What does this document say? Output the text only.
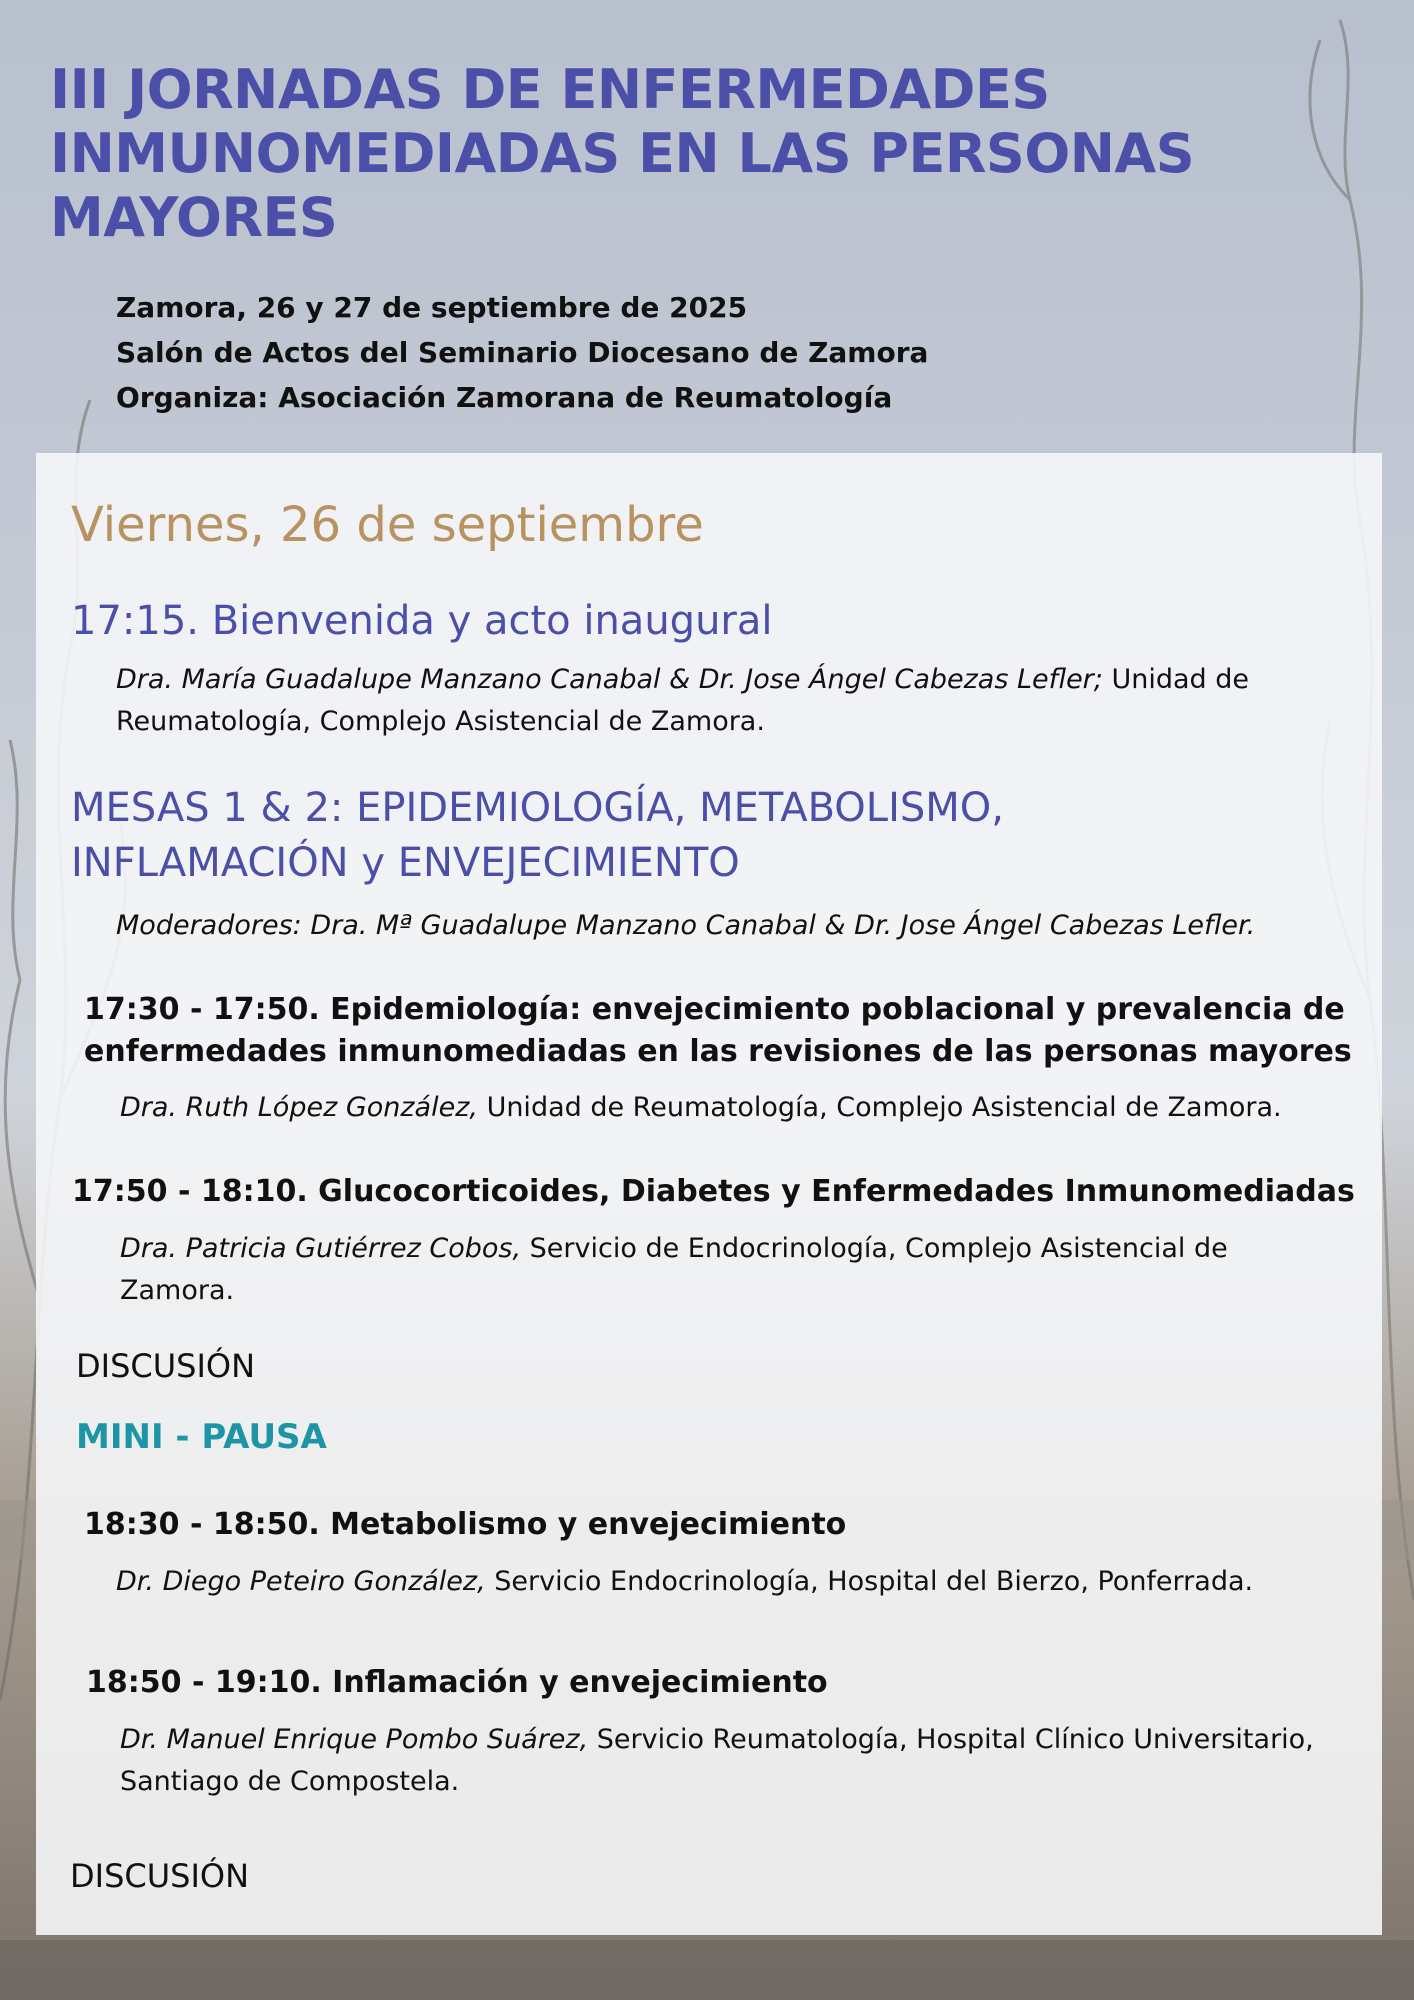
III JORNADAS DE ENFERMEDADES INMUNOMEDIADAS EN LAS PERSONAS MAYORES
Zamora, 26 y 27 de septiembre de 2025
Salón de Actos del Seminario Diocesano de Zamora
Organiza: Asociación Zamorana de Reumatología
Viernes, 26 de septiembre
17:15. Bienvenida y acto inaugural
Dra. María Guadalupe Manzano Canabal & Dr. Jose Ángel Cabezas Lefler; Unidad de Reumatología, Complejo Asistencial de Zamora.
MESAS 1 & 2: EPIDEMIOLOGÍA, METABOLISMO,
INFLAMACIÓN y ENVEJECIMIENTO
Moderadores: Dra. Mª Guadalupe Manzano Canabal & Dr. Jose Ángel Cabezas Lefler.
17:30 - 17:50. Epidemiología: envejecimiento poblacional y prevalencia de
enfermedades inmunomediadas en las revisiones de las personas mayores
Dra. Ruth López González, Unidad de Reumatología, Complejo Asistencial de Zamora.
17:50 - 18:10. Glucocorticoides, Diabetes y Enfermedades Inmunomediadas
Dra. Patricia Gutiérrez Cobos, Servicio de Endocrinología, Complejo Asistencial de Zamora.
DISCUSIÓN
MINI - PAUSA
18:30 - 18:50. Metabolismo y envejecimiento
Dr. Diego Peteiro González, Servicio Endocrinología, Hospital del Bierzo, Ponferrada.
18:50 - 19:10. Inflamación y envejecimiento
Dr. Manuel Enrique Pombo Suárez, Servicio Reumatología, Hospital Clínico Universitario, Santiago de Compostela.
DISCUSIÓN
